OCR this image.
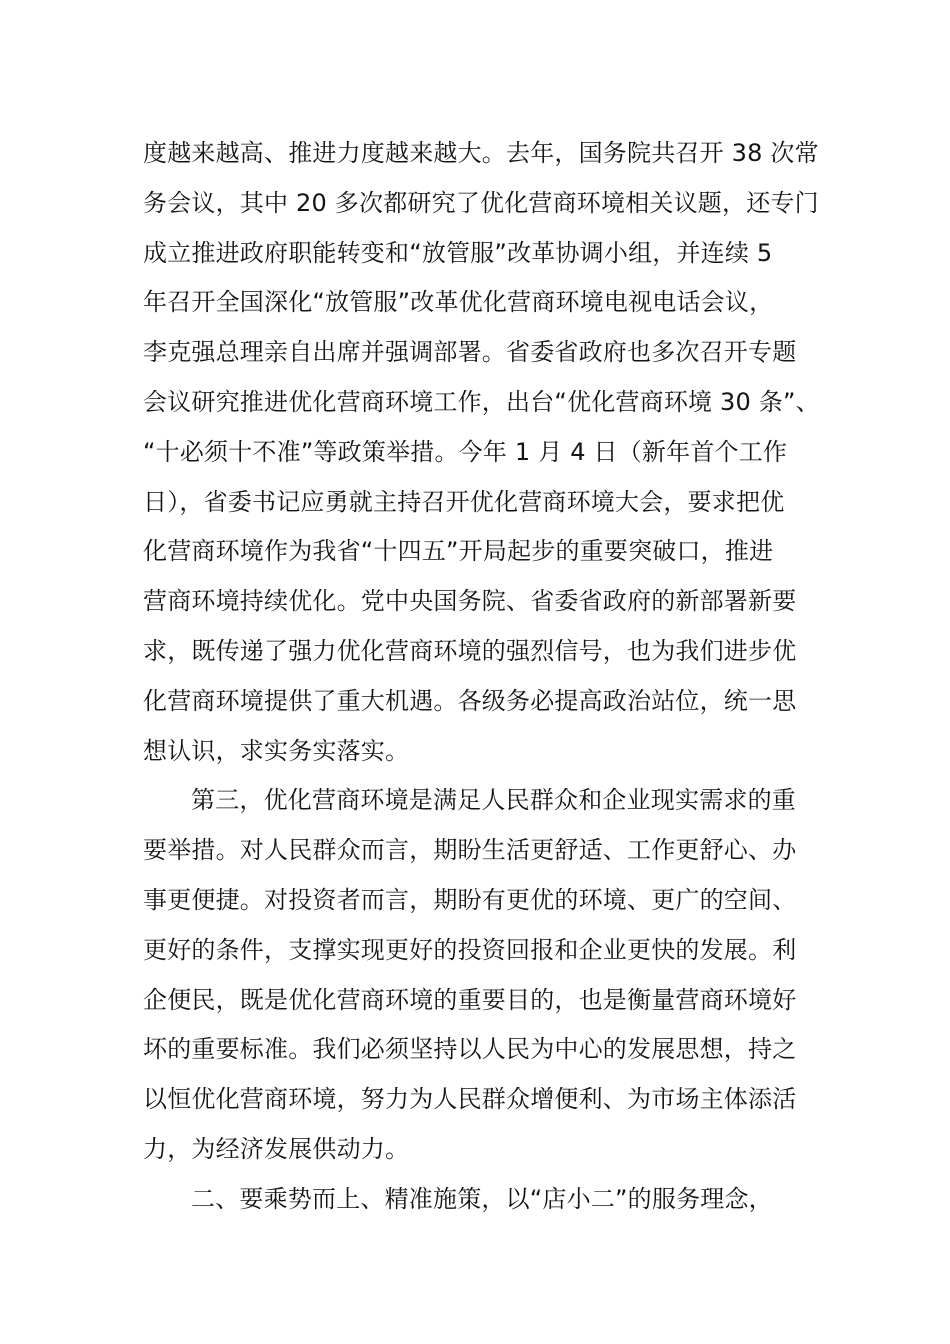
度越来越高、推进力度越来越大。去年，国务院共召开 38 次常
务会议，其中 20 多次都研究了优化营商环境相关议题，还专门
成立推进政府职能转变和“放管服”改革协调小组，并连续 5
年召开全国深化“放管服”改革优化营商环境电视电话会议，
李克强总理亲自出席并强调部署。省委省政府也多次召开专题
会议研究推进优化营商环境工作，出台“优化营商环境 30 条”、
“十必须十不准”等政策举措。今年 1 月 4 日（新年首个工作
日），省委书记应勇就主持召开优化营商环境大会，要求把优
化营商环境作为我省“十四五”开局起步的重要突破口，推进
营商环境持续优化。党中央国务院、省委省政府的新部署新要
求，既传递了强力优化营商环境的强烈信号，也为我们进步优
化营商环境提供了重大机遇。各级务必提高政治站位，统一思
想认识，求实务实落实。
第三，优化营商环境是满足人民群众和企业现实需求的重
要举措。对人民群众而言，期盼生活更舒适、工作更舒心、办
事更便捷。对投资者而言，期盼有更优的环境、更广的空间、
更好的条件，支撑实现更好的投资回报和企业更快的发展。利
企便民，既是优化营商环境的重要目的，也是衡量营商环境好
坏的重要标准。我们必须坚持以人民为中心的发展思想，持之
以恒优化营商环境，努力为人民群众增便利、为市场主体添活
力，为经济发展供动力。
二、要乘势而上、精准施策，以“店小二”的服务理念，
